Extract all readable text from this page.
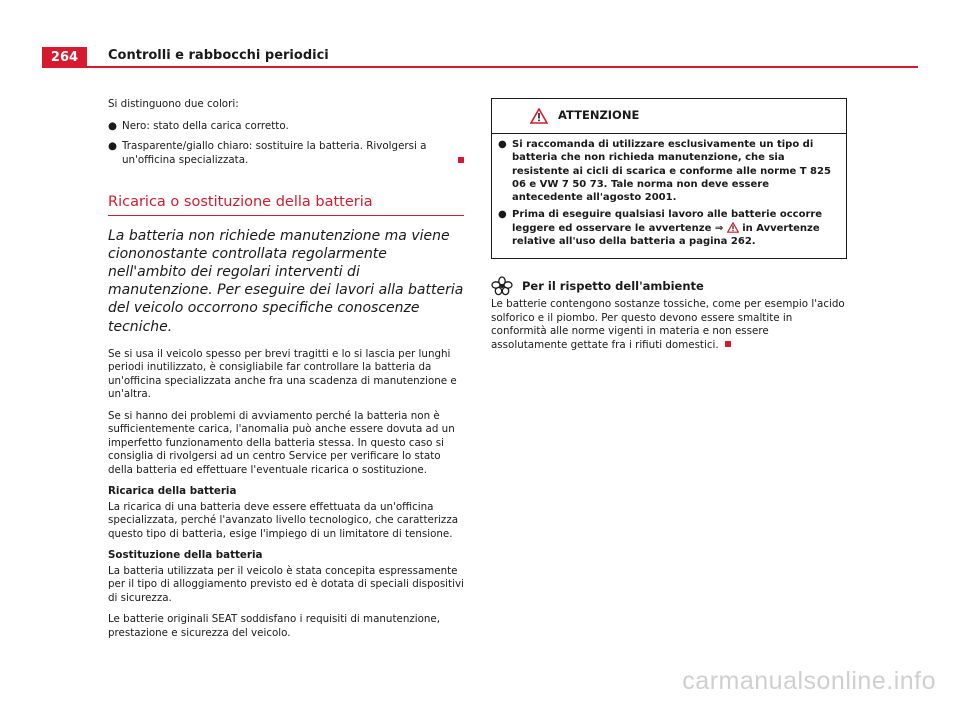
264	Controlli e rabbocchi periodici

Si distinguono due colori:

● Nero: stato della carica corretto.
● Trasparente/giallo chiaro: sostituire la batteria. Rivolgersi a un'officina specializzata.
Ricarica o sostituzione della batteria
La batteria non richiede manutenzione ma viene ciononostante controllata regolarmente nell'ambito dei regolari interventi di manutenzione. Per eseguire dei lavori alla batteria del veicolo occorrono specifiche conoscenze tecniche.

Se si usa il veicolo spesso per brevi tragitti e lo si lascia per lunghi periodi inutilizzato, è consigliabile far controllare la batteria da un'officina specializzata anche fra una scadenza di manutenzione e un'altra.

Se si hanno dei problemi di avviamento perché la batteria non è sufficientemente carica, l'anomalia può anche essere dovuta ad un imperfetto funzionamento della batteria stessa. In questo caso si consiglia di rivolgersi ad un centro Service per verificare lo stato della batteria ed effettuare l'eventuale ricarica o sostituzione.

Ricarica della batteria

La ricarica di una batteria deve essere effettuata da un'officina specializzata, perché l'avanzato livello tecnologico, che caratterizza questo tipo di batteria, esige l'impiego di un limitatore di tensione.

Sostituzione della batteria

La batteria utilizzata per il veicolo è stata concepita espressamente per il tipo di alloggiamento previsto ed è dotata di speciali dispositivi di sicurezza.

Le batterie originali SEAT soddisfano i requisiti di manutenzione, prestazione e sicurezza del veicolo.

ATTENZIONE
● Si raccomanda di utilizzare esclusivamente un tipo di batteria che non richieda manutenzione, che sia resistente ai cicli di scarica e conforme alle norme T 825 06 e VW 7 50 73. Tale norma non deve essere antecedente all'agosto 2001.
● Prima di eseguire qualsiasi lavoro alle batterie occorre leggere ed osservare le avvertenze ⇒ in Avvertenze relative all'uso della batteria a pagina 262.
Per il rispetto dell'ambiente

Le batterie contengono sostanze tossiche, come per esempio l'acido solforico e il piombo. Per questo devono essere smaltite in conformità alle norme vigenti in materia e non essere assolutamente gettate fra i rifiuti domestici.

carmanualsonline.info
